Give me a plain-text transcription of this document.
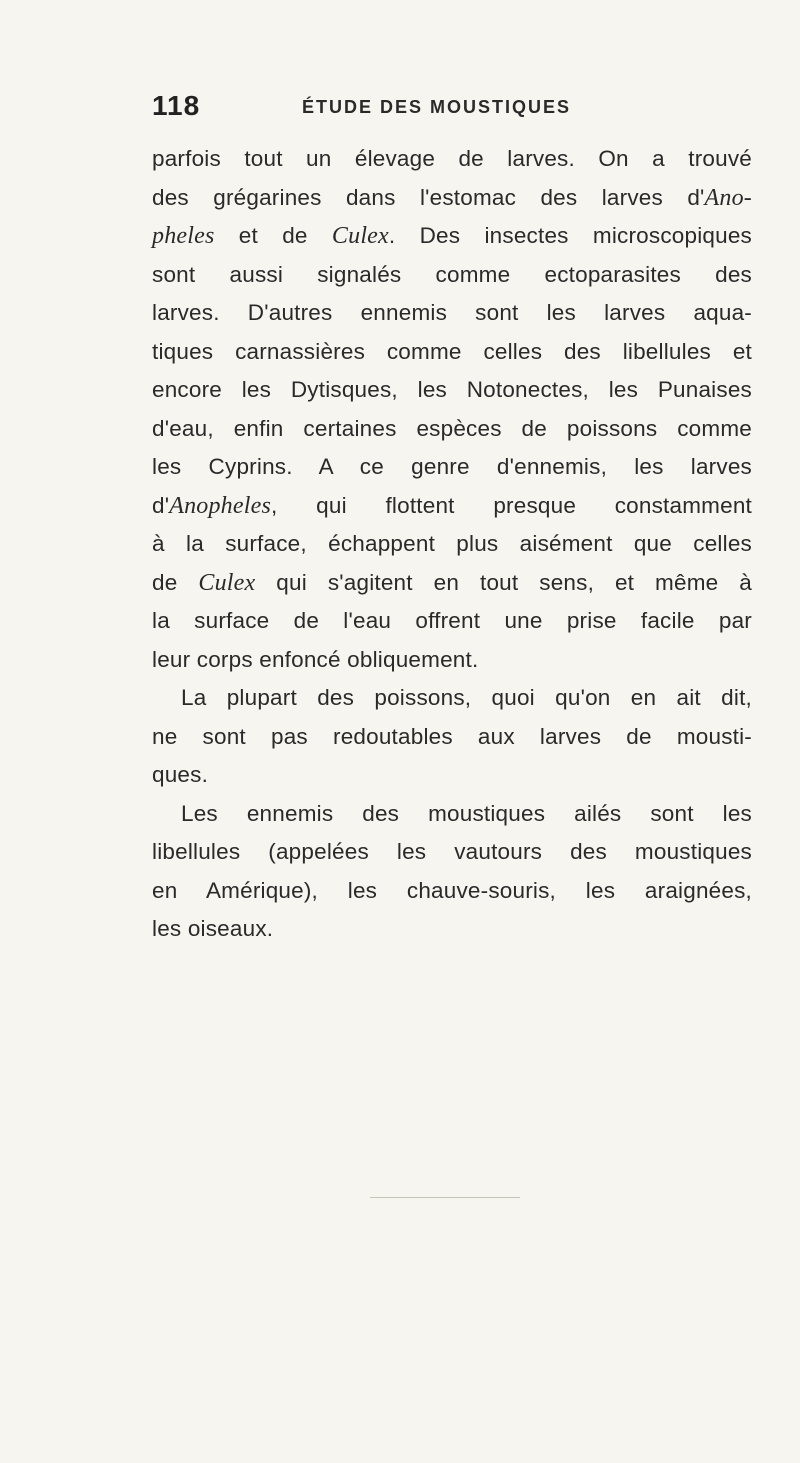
118	ÉTUDE DES MOUSTIQUES
parfois tout un élevage de larves. On a trouvé
des grégarines dans l'estomac des larves d'Ano-
pheles et de Culex. Des insectes microscopiques
sont aussi signalés comme ectoparasites des
larves. D'autres ennemis sont les larves aqua-
tiques carnassières comme celles des libellules et
encore les Dytisques, les Notonectes, les Punaises
d'eau, enfin certaines espèces de poissons comme
les Cyprins. A ce genre d'ennemis, les larves
d'Anopheles, qui flottent presque constamment
à la surface, échappent plus aisément que celles
de Culex qui s'agitent en tout sens, et même à
la surface de l'eau offrent une prise facile par
leur corps enfoncé obliquement.
La plupart des poissons, quoi qu'on en ait dit,
ne sont pas redoutables aux larves de mousti-
ques.
Les ennemis des moustiques ailés sont les
libellules (appelées les vautours des moustiques
en Amérique), les chauve-souris, les araignées,
les oiseaux.
